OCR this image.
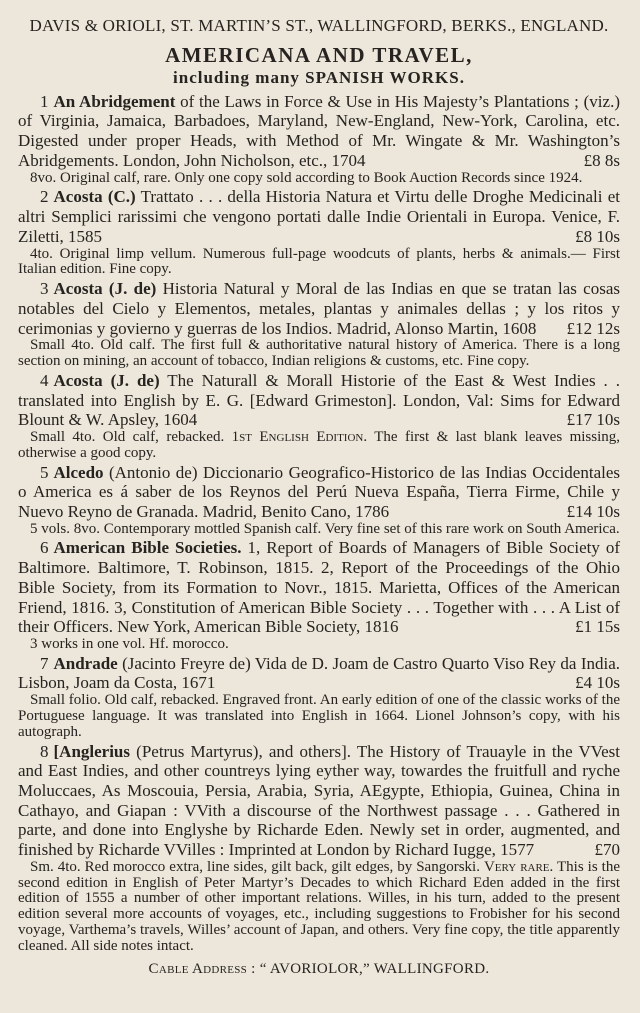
DAVIS & ORIOLI, ST. MARTIN’S ST., WALLINGFORD, BERKS., ENGLAND.
AMERICANA AND TRAVEL,
including many SPANISH WORKS.

1 An Abridgement of the Laws in Force & Use in His Majesty’s Plantations ; (viz.) of Virginia, Jamaica, Barbadoes, Maryland, New-England, New-York, Carolina, etc. Digested under proper Heads, with Method of Mr. Wingate & Mr. Washington’s Abridgements. London, John Nicholson, etc., 1704	£8 8s

8vo. Original calf, rare. Only one copy sold according to Book Auction Records since 1924.

2 Acosta (C.) Trattato . . . della Historia Natura et Virtu delle Droghe Medicinali et altri Semplici rarissimi che vengono portati dalle Indie Orientali in Europa. Venice, F. Ziletti, 1585	£8 10s

4to. Original limp vellum. Numerous full-page woodcuts of plants, herbs & animals.— First Italian edition. Fine copy.

3 Acosta (J. de) Historia Natural y Moral de las Indias en que se tratan las cosas notables del Cielo y Elementos, metales, plantas y animales dellas ; y los ritos y cerimonias y govierno y guerras de los Indios. Madrid, Alonso Martin, 1608	£12 12s

Small 4to. Old calf. The first full & authoritative natural history of America. There is a long section on mining, an account of tobacco, Indian religions & customs, etc. Fine copy.

4 Acosta (J. de) The Naturall & Morall Historie of the East & West Indies . . translated into English by E. G. [Edward Grimeston]. London, Val: Sims for Edward Blount & W. Apsley, 1604	£17 10s

Small 4to. Old calf, rebacked. 1st English Edition. The first & last blank leaves missing, otherwise a good copy.

5 Alcedo (Antonio de) Diccionario Geografico-Historico de las Indias Occidentales o America es á saber de los Reynos del Perú Nueva España, Tierra Firme, Chile y Nuevo Reyno de Granada. Madrid, Benito Cano, 1786	£14 10s

5 vols. 8vo. Contemporary mottled Spanish calf. Very fine set of this rare work on South America.

6 American Bible Societies. 1, Report of Boards of Managers of Bible Society of Baltimore. Baltimore, T. Robinson, 1815. 2, Report of the Proceedings of the Ohio Bible Society, from its Formation to Novr., 1815. Marietta, Offices of the American Friend, 1816. 3, Constitution of American Bible Society . . . Together with . . . A List of their Officers. New York, American Bible Society, 1816	£1 15s

3 works in one vol. Hf. morocco.

7 Andrade (Jacinto Freyre de) Vida de D. Joam de Castro Quarto Viso Rey da India. Lisbon, Joam da Costa, 1671	£4 10s

Small folio. Old calf, rebacked. Engraved front. An early edition of one of the classic works of the Portuguese language. It was translated into English in 1664. Lionel Johnson’s copy, with his autograph.

8 [Anglerius (Petrus Martyrus), and others]. The History of Trauayle in the VVest and East Indies, and other countreys lying eyther way, towardes the fruitfull and ryche Moluccaes, As Moscouia, Persia, Arabia, Syria, AEgypte, Ethiopia, Guinea, China in Cathayo, and Giapan : VVith a discourse of the Northwest passage . . . Gathered in parte, and done into Englyshe by Richarde Eden. Newly set in order, augmented, and finished by Richarde VVilles : Imprinted at London by Richard Iugge, 1577	£70

Sm. 4to. Red morocco extra, line sides, gilt back, gilt edges, by Sangorski. Very rare. This is the second edition in English of Peter Martyr’s Decades to which Richard Eden added in the first edition of 1555 a number of other important relations. Willes, in his turn, added to the present edition several more accounts of voyages, etc., including suggestions to Frobisher for his second voyage, Varthema’s travels, Willes’ account of Japan, and others. Very fine copy, the title apparently cleaned. All side notes intact.

Cable Address : “ AVORIOLOR,” WALLINGFORD.
